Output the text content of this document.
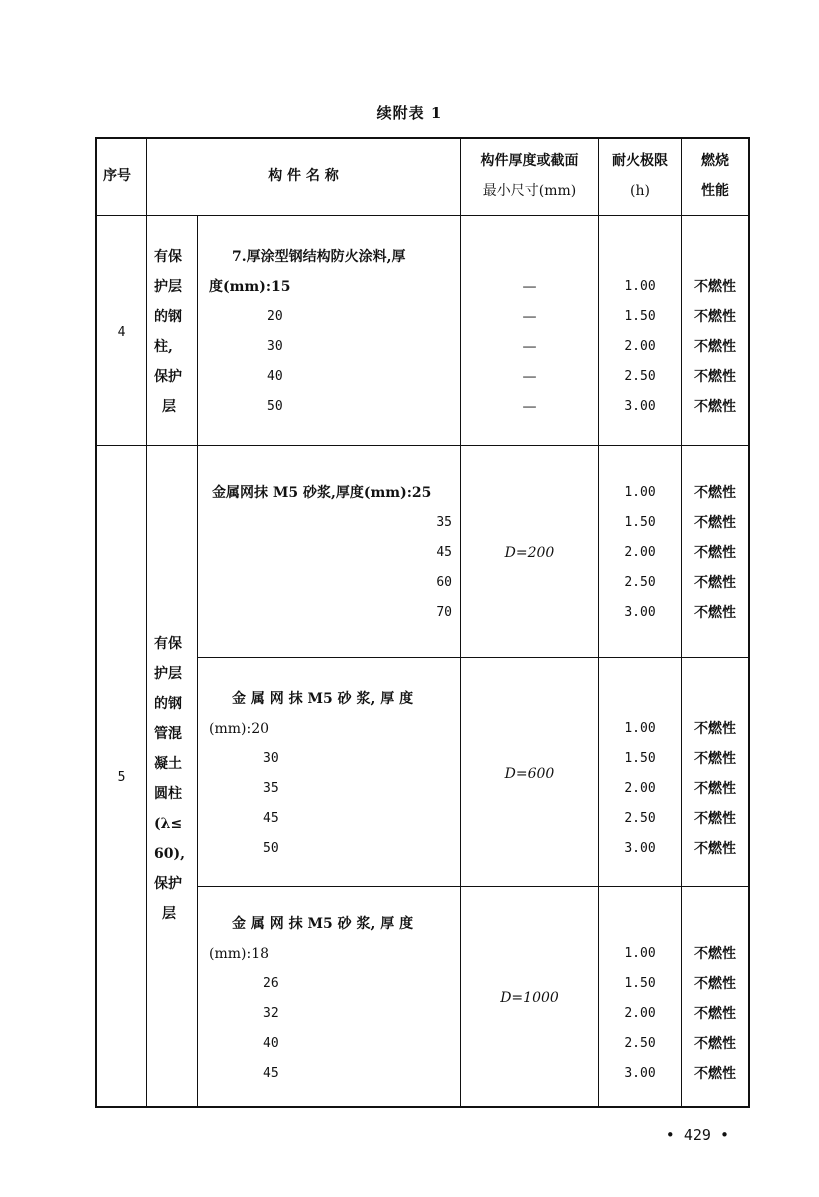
续附表 1
序号	构 件 名 称
构件厚度或截面
最小尺寸(mm)
耐火极限
(h)
燃烧
性能
4
有保
护层
的钢
柱,
保护
层
7.厚涂型钢结构防火涂料,厚
度(mm):15
20
30
40
50
—
—
—
—
—
1.00
1.50
2.00
2.50
3.00
不燃性
不燃性
不燃性
不燃性
不燃性
5
有保
护层
的钢
管混
凝土
圆柱
(λ≤
60),
保护
层
金属网抹 M5 砂浆,厚度(mm):25
35
45
60
70
D=200
1.00
1.50
2.00
2.50
3.00
不燃性
不燃性
不燃性
不燃性
不燃性
金 属 网 抹 M5 砂 浆, 厚 度
(mm):20
30
35
45
50
D=600
1.00
1.50
2.00
2.50
3.00
不燃性
不燃性
不燃性
不燃性
不燃性
金 属 网 抹 M5 砂 浆, 厚 度
(mm):18
26
32
40
45
D=1000
1.00
1.50
2.00
2.50
3.00
不燃性
不燃性
不燃性
不燃性
不燃性
• 429 •
